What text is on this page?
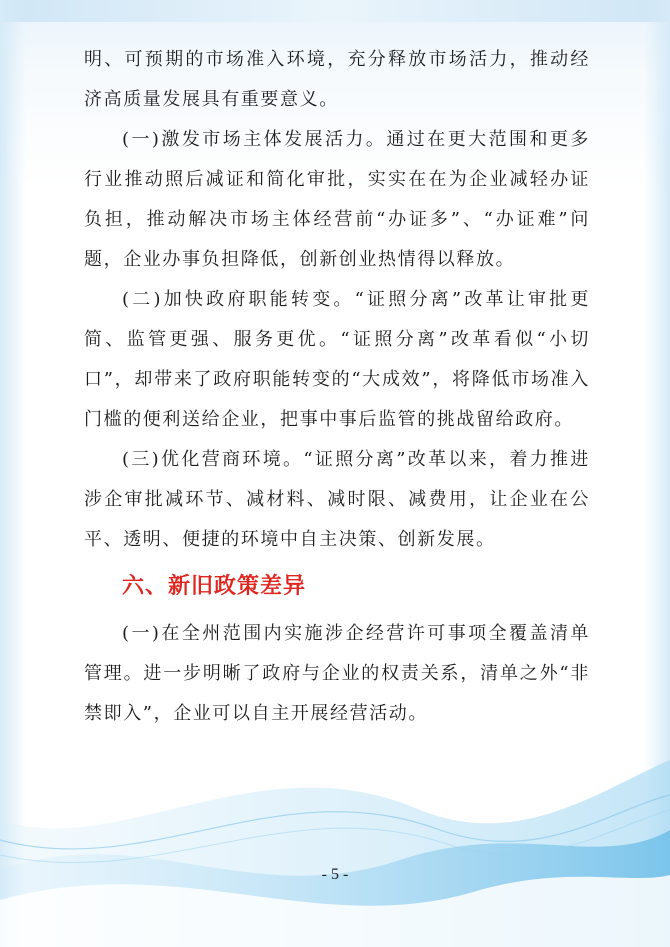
明、可预期的市场准入环境，充分释放市场活力，推动经济高质量发展具有重要意义。

(一)激发市场主体发展活力。通过在更大范围和更多行业推动照后减证和简化审批，实实在在为企业减轻办证负担，推动解决市场主体经营前“办证多”、“办证难”问题，企业办事负担降低，创新创业热情得以释放。

(二)加快政府职能转变。“证照分离”改革让审批更简、监管更强、服务更优。“证照分离”改革看似“小切口”，却带来了政府职能转变的“大成效”，将降低市场准入门槛的便利送给企业，把事中事后监管的挑战留给政府。

(三)优化营商环境。“证照分离”改革以来，着力推进涉企审批减环节、减材料、减时限、减费用，让企业在公平、透明、便捷的环境中自主决策、创新发展。

六、新旧政策差异

(一)在全州范围内实施涉企经营许可事项全覆盖清单管理。进一步明晰了政府与企业的权责关系，清单之外“非禁即入”，企业可以自主开展经营活动。

- 5 -
